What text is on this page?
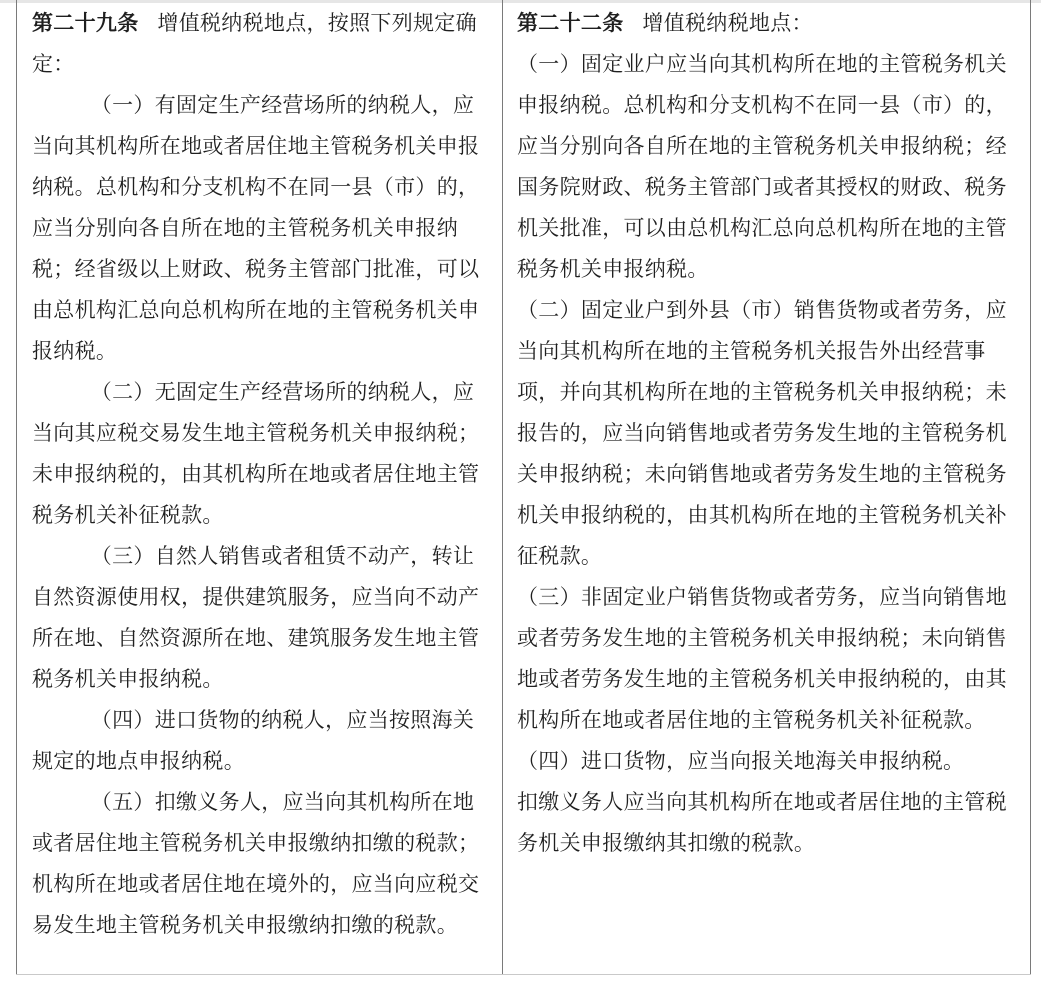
第二十九条 增值税纳税地点，按照下列规定确定：

（一）有固定生产经营场所的纳税人，应当向其机构所在地或者居住地主管税务机关申报纳税。总机构和分支机构不在同一县（市）的，应当分别向各自所在地的主管税务机关申报纳税；经省级以上财政、税务主管部门批准，可以由总机构汇总向总机构所在地的主管税务机关申报纳税。

（二）无固定生产经营场所的纳税人，应当向其应税交易发生地主管税务机关申报纳税；未申报纳税的，由其机构所在地或者居住地主管税务机关补征税款。

（三）自然人销售或者租赁不动产，转让自然资源使用权，提供建筑服务，应当向不动产所在地、自然资源所在地、建筑服务发生地主管税务机关申报纳税。

（四）进口货物的纳税人，应当按照海关规定的地点申报纳税。

（五）扣缴义务人，应当向其机构所在地或者居住地主管税务机关申报缴纳扣缴的税款；机构所在地或者居住地在境外的，应当向应税交易发生地主管税务机关申报缴纳扣缴的税款。

第二十二条 增值税纳税地点：

（一）固定业户应当向其机构所在地的主管税务机关申报纳税。总机构和分支机构不在同一县（市）的，应当分别向各自所在地的主管税务机关申报纳税；经国务院财政、税务主管部门或者其授权的财政、税务机关批准，可以由总机构汇总向总机构所在地的主管税务机关申报纳税。

（二）固定业户到外县（市）销售货物或者劳务，应当向其机构所在地的主管税务机关报告外出经营事项，并向其机构所在地的主管税务机关申报纳税；未报告的，应当向销售地或者劳务发生地的主管税务机关申报纳税；未向销售地或者劳务发生地的主管税务机关申报纳税的，由其机构所在地的主管税务机关补征税款。

（三）非固定业户销售货物或者劳务，应当向销售地或者劳务发生地的主管税务机关申报纳税；未向销售地或者劳务发生地的主管税务机关申报纳税的，由其机构所在地或者居住地的主管税务机关补征税款。

（四）进口货物，应当向报关地海关申报纳税。

扣缴义务人应当向其机构所在地或者居住地的主管税务机关申报缴纳其扣缴的税款。
